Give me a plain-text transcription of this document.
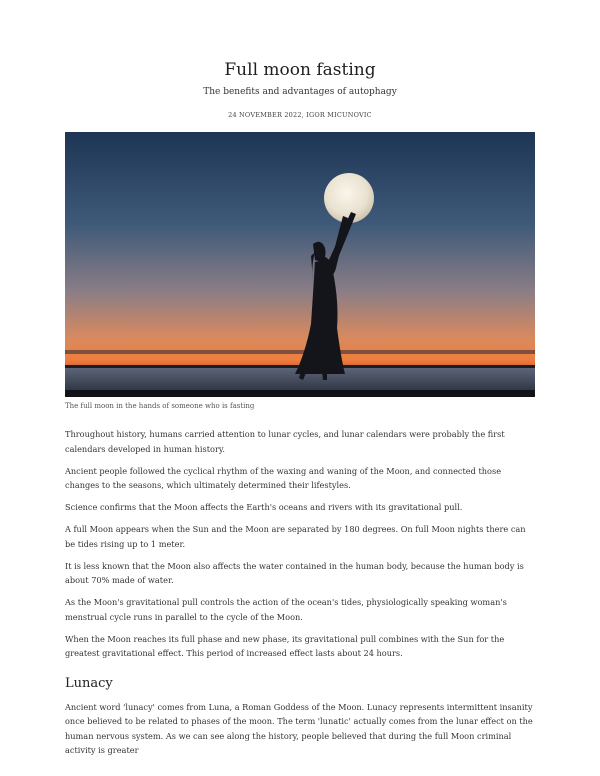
Full moon fasting
The benefits and advantages of autophagy
24 NOVEMBER 2022, IGOR MICUNOVIC
The full moon in the hands of someone who is fasting

Throughout history, humans carried attention to lunar cycles, and lunar calendars were probably the first calendars developed in human history.

Ancient people followed the cyclical rhythm of the waxing and waning of the Moon, and connected those changes to the seasons, which ultimately determined their lifestyles.

Science confirms that the Moon affects the Earth's oceans and rivers with its gravitational pull.

A full Moon appears when the Sun and the Moon are separated by 180 degrees. On full Moon nights there can be tides rising up to 1 meter.

It is less known that the Moon also affects the water contained in the human body, because the human body is about 70% made of water.

As the Moon's gravitational pull controls the action of the ocean's tides, physiologically speaking woman's menstrual cycle runs in parallel to the cycle of the Moon.

When the Moon reaches its full phase and new phase, its gravitational pull combines with the Sun for the greatest gravitational effect. This period of increased effect lasts about 24 hours.

Lunacy

Ancient word 'lunacy' comes from Luna, a Roman Goddess of the Moon. Lunacy represents intermittent insanity once believed to be related to phases of the moon. The term 'lunatic' actually comes from the lunar effect on the human nervous system. As we can see along the history, people believed that during the full Moon criminal activity is greater
